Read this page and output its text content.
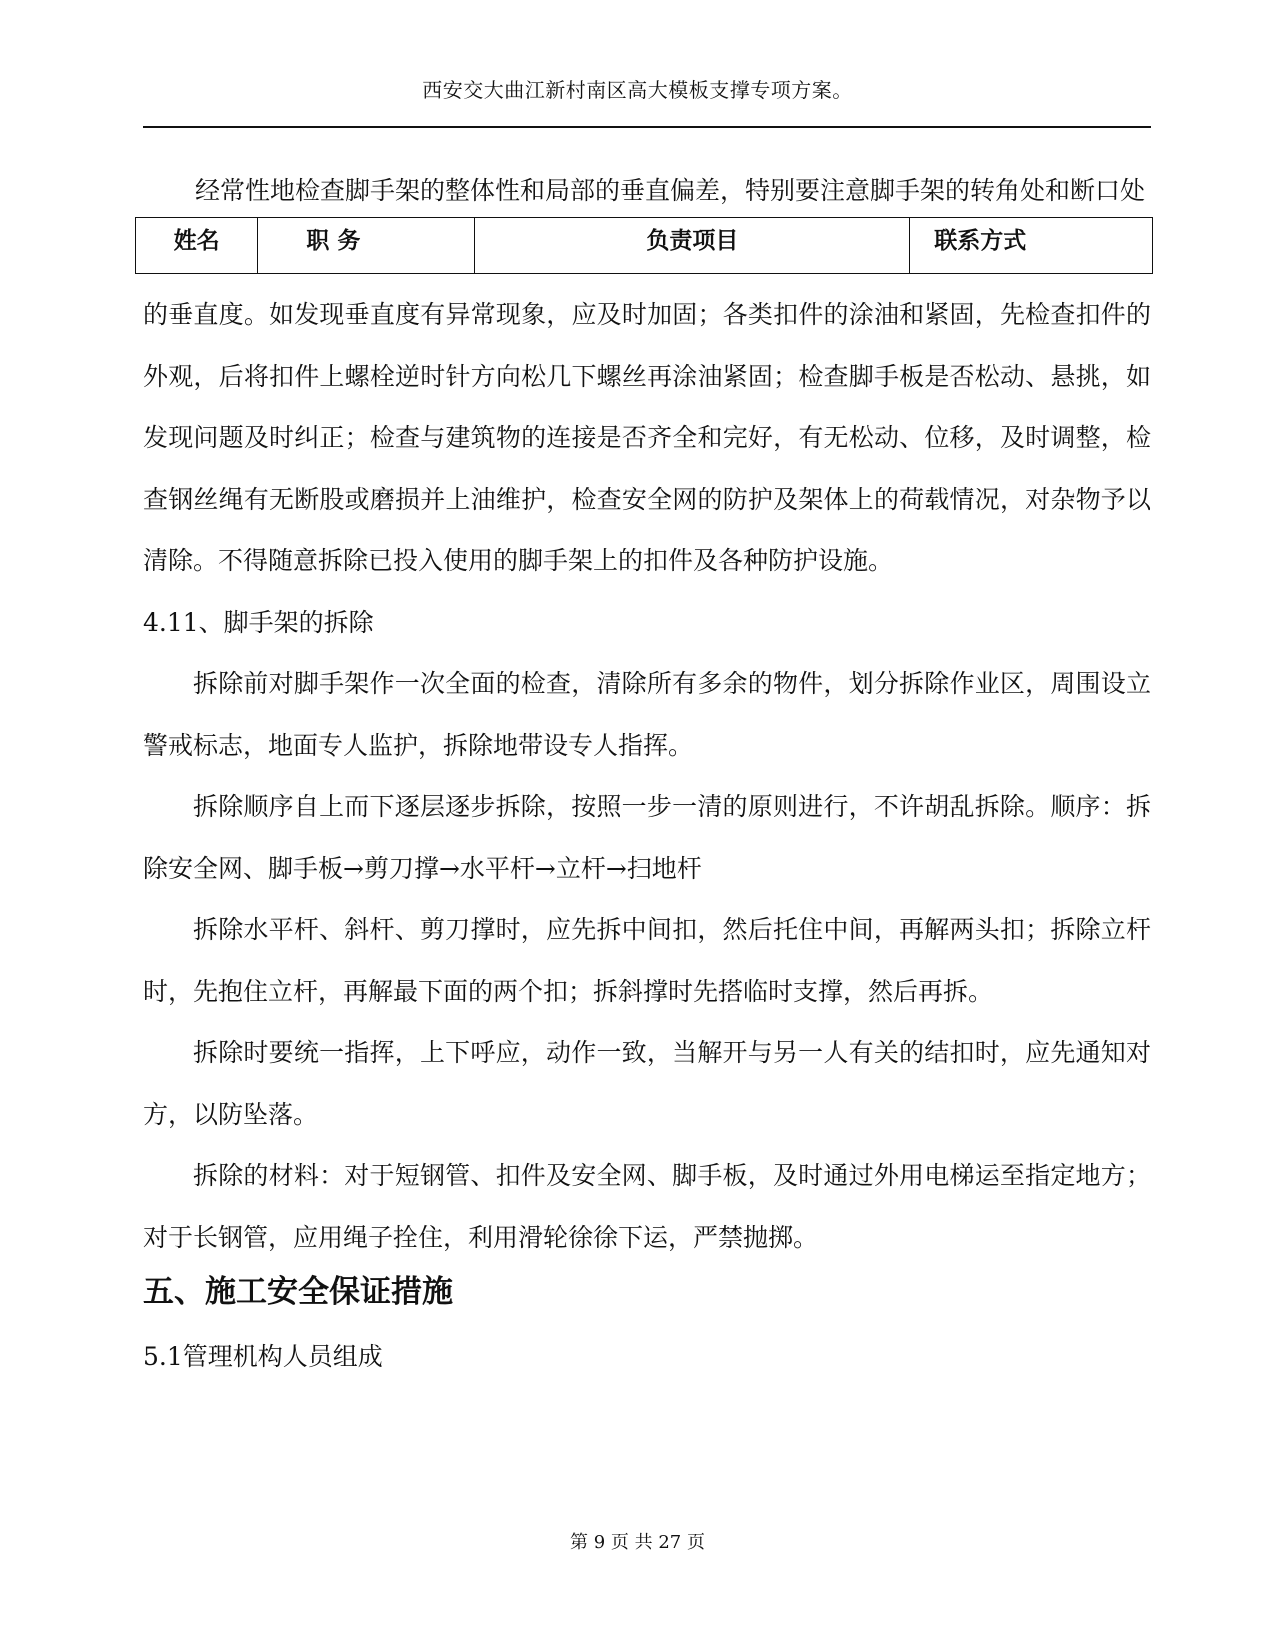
西安交大曲江新村南区高大模板支撑专项方案。
经常性地检查脚手架的整体性和局部的垂直偏差，特别要注意脚手架的转角处和断口处
姓名	职 务	负责项目	联系方式

的垂直度。如发现垂直度有异常现象，应及时加固；各类扣件的涂油和紧固，先检查扣件的外观，后将扣件上螺栓逆时针方向松几下螺丝再涂油紧固；检查脚手板是否松动、悬挑，如发现问题及时纠正；检查与建筑物的连接是否齐全和完好，有无松动、位移，及时调整，检查钢丝绳有无断股或磨损并上油维护，检查安全网的防护及架体上的荷载情况，对杂物予以清除。不得随意拆除已投入使用的脚手架上的扣件及各种防护设施。

4.11、脚手架的拆除

拆除前对脚手架作一次全面的检查，清除所有多余的物件，划分拆除作业区，周围设立警戒标志，地面专人监护，拆除地带设专人指挥。

拆除顺序自上而下逐层逐步拆除，按照一步一清的原则进行，不许胡乱拆除。顺序：拆除安全网、脚手板→剪刀撑→水平杆→立杆→扫地杆

拆除水平杆、斜杆、剪刀撑时，应先拆中间扣，然后托住中间，再解两头扣；拆除立杆时，先抱住立杆，再解最下面的两个扣；拆斜撑时先搭临时支撑，然后再拆。

拆除时要统一指挥，上下呼应，动作一致，当解开与另一人有关的结扣时，应先通知对方，以防坠落。

拆除的材料：对于短钢管、扣件及安全网、脚手板，及时通过外用电梯运至指定地方；对于长钢管，应用绳子拴住，利用滑轮徐徐下运，严禁抛掷。

五、施工安全保证措施
5.1管理机构人员组成
第 9 页 共 27 页
